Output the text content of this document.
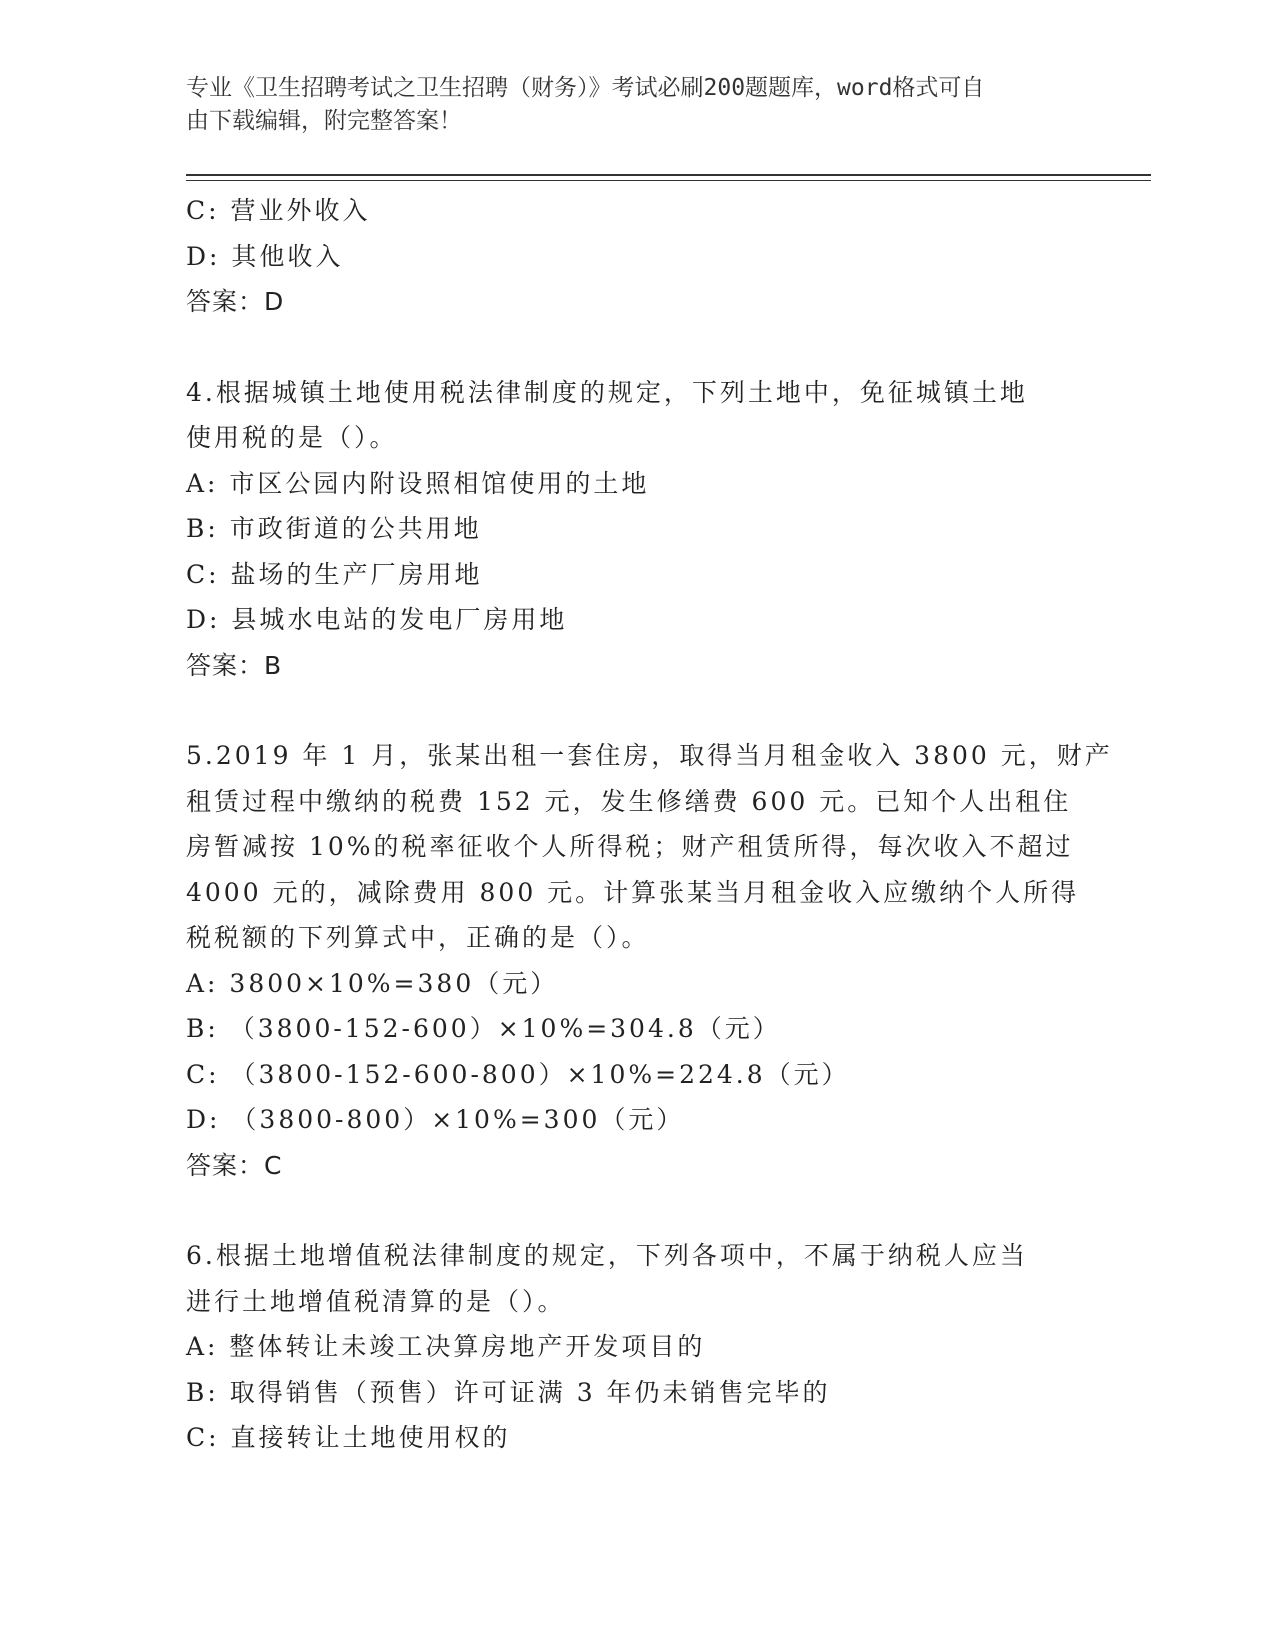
专业《卫生招聘考试之卫生招聘（财务）》考试必刷200题题库，word格式可自
由下载编辑，附完整答案！
C: 营业外收入
D: 其他收入
答案：D
4.根据城镇土地使用税法律制度的规定，下列土地中，免征城镇土地
使用税的是（）。
A: 市区公园内附设照相馆使用的土地
B: 市政街道的公共用地
C: 盐场的生产厂房用地
D: 县城水电站的发电厂房用地
答案：B
5.2019 年 1 月，张某出租一套住房，取得当月租金收入 3800 元，财产
租赁过程中缴纳的税费 152 元，发生修缮费 600 元。已知个人出租住
房暂减按 10%的税率征收个人所得税；财产租赁所得，每次收入不超过
4000 元的，减除费用 800 元。计算张某当月租金收入应缴纳个人所得
税税额的下列算式中，正确的是（）。
A: 3800×10%=380（元）
B: （3800-152-600）×10%=304.8（元）
C: （3800-152-600-800）×10%=224.8（元）
D: （3800-800）×10%=300（元）
答案：C
6.根据土地增值税法律制度的规定，下列各项中，不属于纳税人应当
进行土地增值税清算的是（）。
A: 整体转让未竣工决算房地产开发项目的
B: 取得销售（预售）许可证满 3 年仍未销售完毕的
C: 直接转让土地使用权的
